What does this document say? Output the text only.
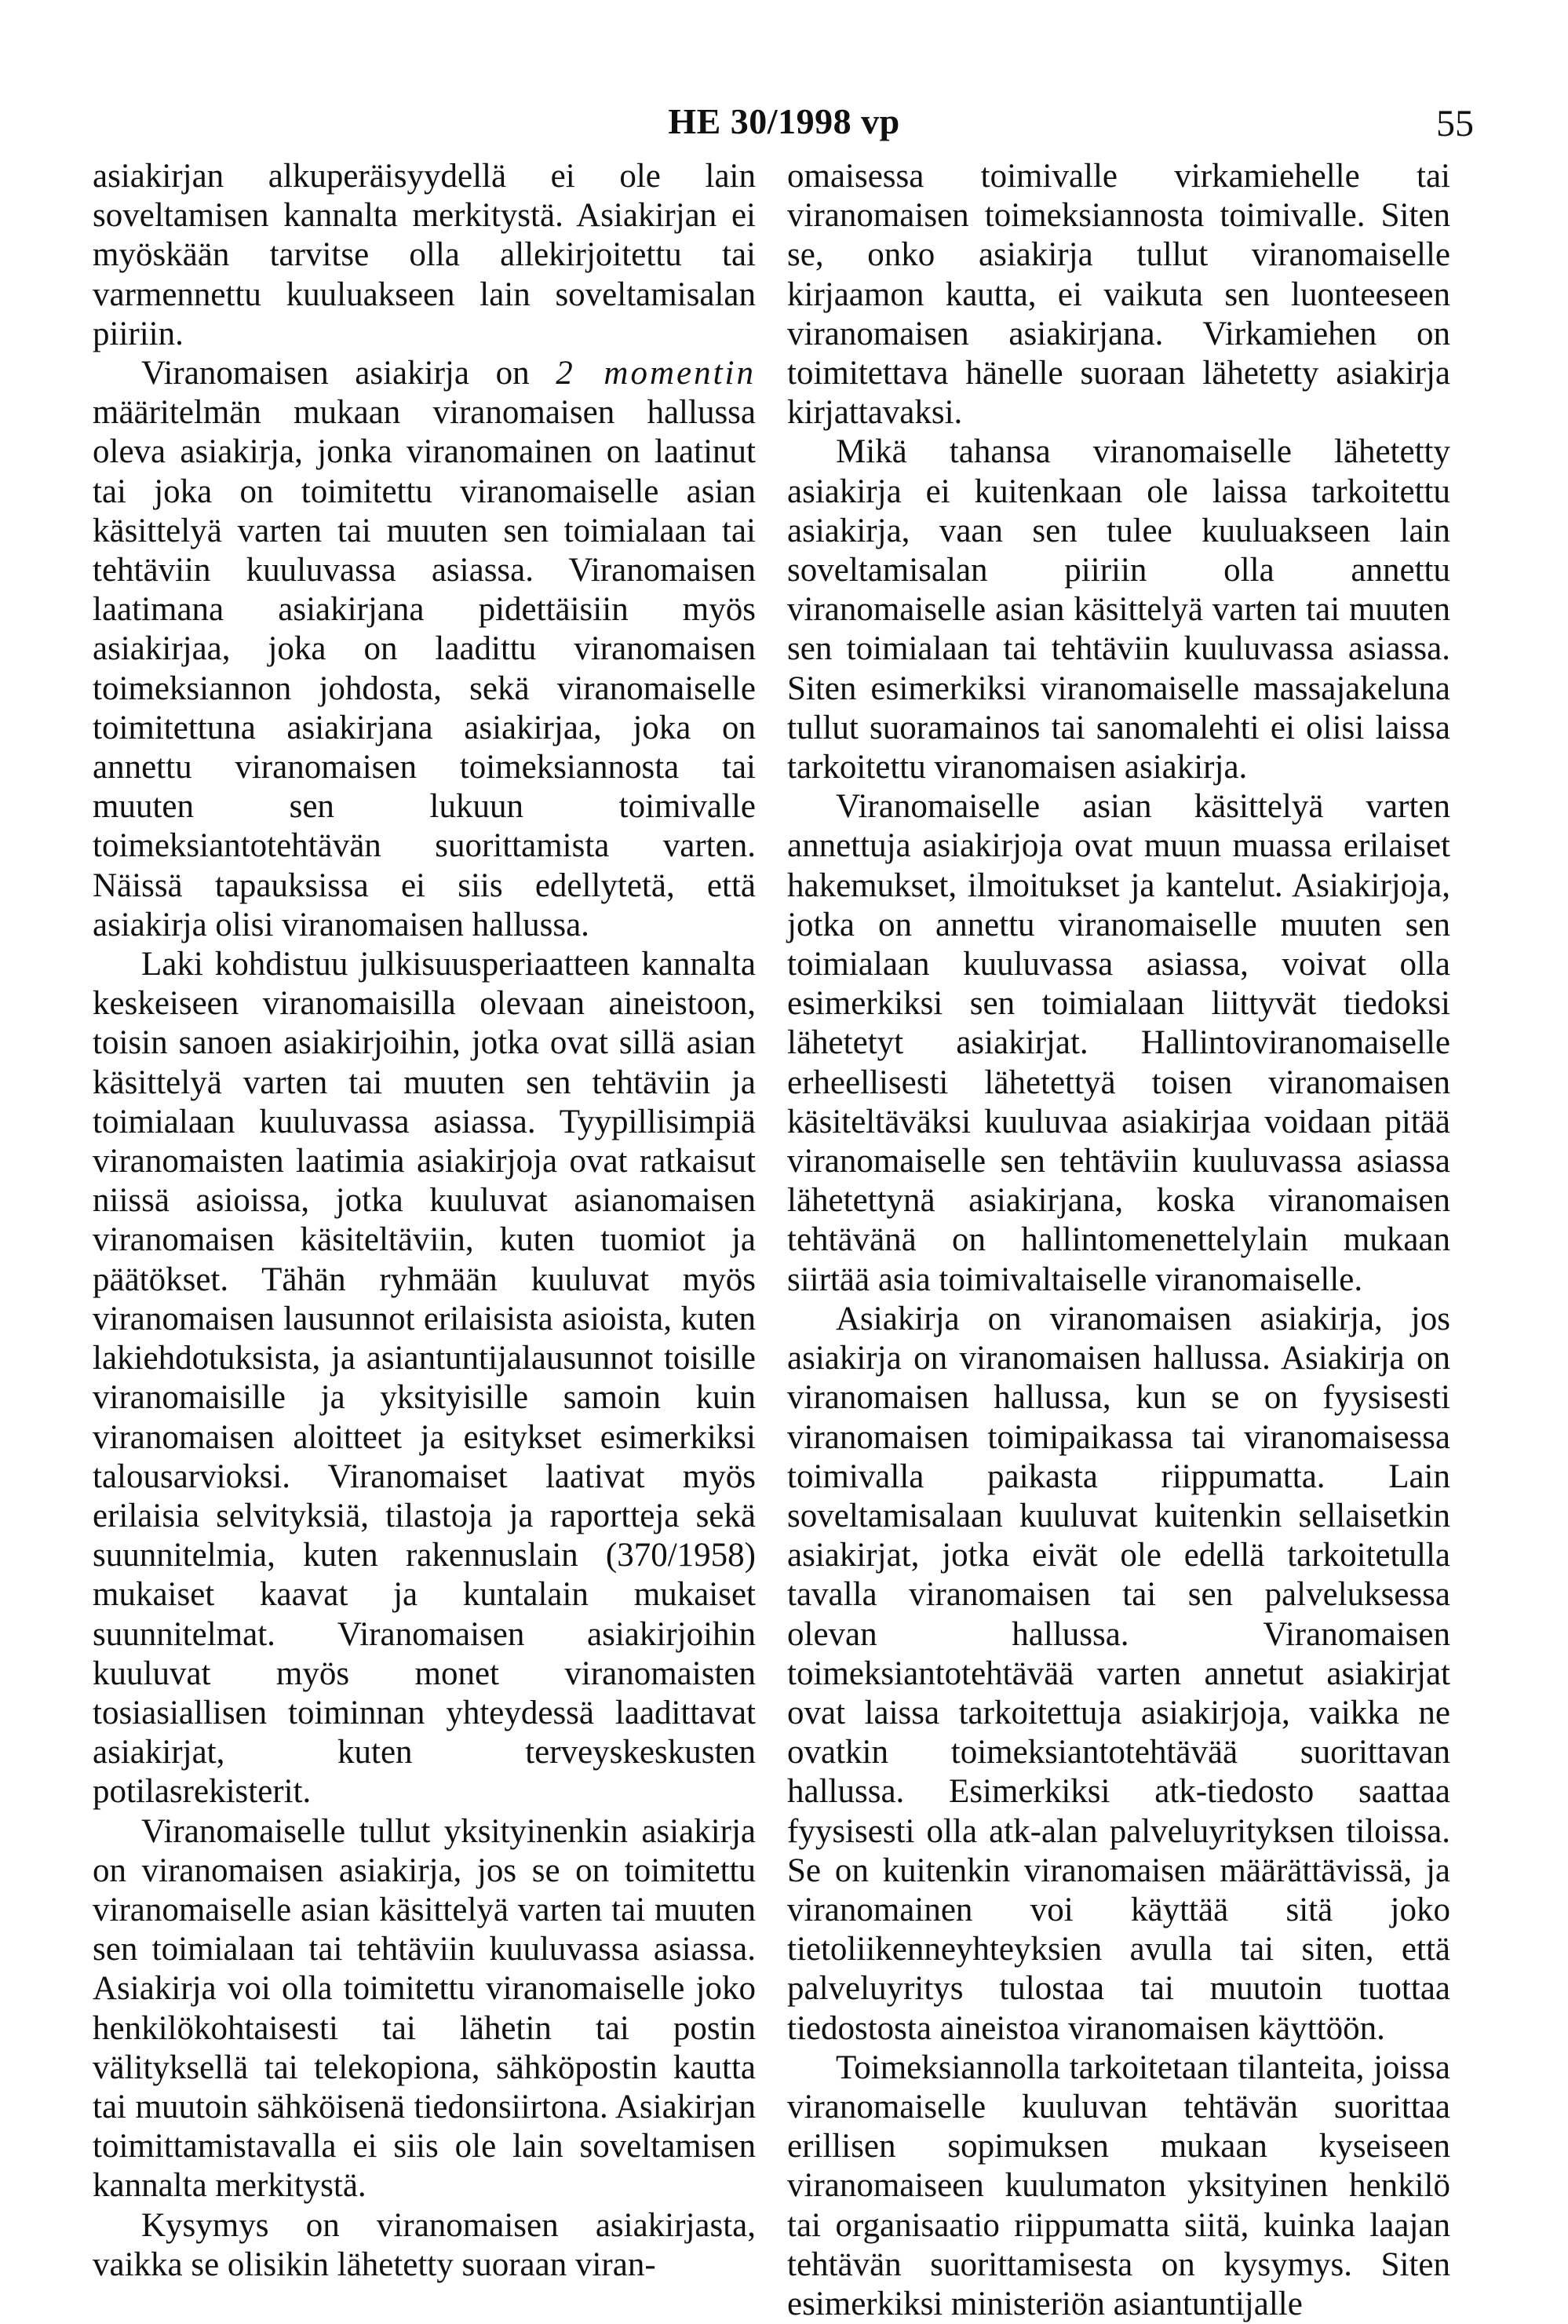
HE 30/1998 vp	55

asiakirjan alkuperäisyydellä ei ole lain soveltamisen kannalta merkitystä. Asiakirjan ei myöskään tarvitse olla allekirjoitettu tai varmennettu kuuluakseen lain soveltamisalan piiriin.

Viranomaisen asiakirja on 2 momentin määritelmän mukaan viranomaisen hallussa oleva asiakirja, jonka viranomainen on laatinut tai joka on toimitettu viranomaiselle asian käsittelyä varten tai muuten sen toimialaan tai tehtäviin kuuluvassa asiassa. Viranomaisen laatimana asiakirjana pidettäisiin myös asiakirjaa, joka on laadittu viranomaisen toimeksiannon johdosta, sekä viranomaiselle toimitettuna asiakirjana asiakirjaa, joka on annettu viranomaisen toimeksiannosta tai muuten sen lukuun toimivalle toimeksiantotehtävän suorittamista varten. Näissä tapauksissa ei siis edellytetä, että asiakirja olisi viranomaisen hallussa.

Laki kohdistuu julkisuusperiaatteen kannalta keskeiseen viranomaisilla olevaan aineistoon, toisin sanoen asiakirjoihin, jotka ovat sillä asian käsittelyä varten tai muuten sen tehtäviin ja toimialaan kuuluvassa asiassa. Tyypillisimpiä viranomaisten laatimia asiakirjoja ovat ratkaisut niissä asioissa, jotka kuuluvat asianomaisen viranomaisen käsiteltäviin, kuten tuomiot ja päätökset. Tähän ryhmään kuuluvat myös viranomaisen lausunnot erilaisista asioista, kuten lakiehdotuksista, ja asiantuntijalausunnot toisille viranomaisille ja yksityisille samoin kuin viranomaisen aloitteet ja esitykset esimerkiksi talousarvioksi. Viranomaiset laativat myös erilaisia selvityksiä, tilastoja ja raportteja sekä suunnitelmia, kuten rakennuslain (370/1958) mukaiset kaavat ja kuntalain mukaiset suunnitelmat. Viranomaisen asiakirjoihin kuuluvat myös monet viranomaisten tosiasiallisen toiminnan yhteydessä laadittavat asiakirjat, kuten terveyskeskusten potilasrekisterit.

Viranomaiselle tullut yksityinenkin asiakirja on viranomaisen asiakirja, jos se on toimitettu viranomaiselle asian käsittelyä varten tai muuten sen toimialaan tai tehtäviin kuuluvassa asiassa. Asiakirja voi olla toimitettu viranomaiselle joko henkilökohtaisesti tai lähetin tai postin välityksellä tai telekopiona, sähköpostin kautta tai muutoin sähköisenä tiedonsiirtona. Asiakirjan toimittamistavalla ei siis ole lain soveltamisen kannalta merkitystä.

Kysymys on viranomaisen asiakirjasta, vaikka se olisikin lähetetty suoraan viran-

omaisessa toimivalle virkamiehelle tai viranomaisen toimeksiannosta toimivalle. Siten se, onko asiakirja tullut viranomaiselle kirjaamon kautta, ei vaikuta sen luonteeseen viranomaisen asiakirjana. Virkamiehen on toimitettava hänelle suoraan lähetetty asiakirja kirjattavaksi.

Mikä tahansa viranomaiselle lähetetty asiakirja ei kuitenkaan ole laissa tarkoitettu asiakirja, vaan sen tulee kuuluakseen lain soveltamisalan piiriin olla annettu viranomaiselle asian käsittelyä varten tai muuten sen toimialaan tai tehtäviin kuuluvassa asiassa. Siten esimerkiksi viranomaiselle massajakeluna tullut suoramainos tai sanomalehti ei olisi laissa tarkoitettu viranomaisen asiakirja.

Viranomaiselle asian käsittelyä varten annettuja asiakirjoja ovat muun muassa erilaiset hakemukset, ilmoitukset ja kantelut. Asiakirjoja, jotka on annettu viranomaiselle muuten sen toimialaan kuuluvassa asiassa, voivat olla esimerkiksi sen toimialaan liittyvät tiedoksi lähetetyt asiakirjat. Hallintoviranomaiselle erheellisesti lähetettyä toisen viranomaisen käsiteltäväksi kuuluvaa asiakirjaa voidaan pitää viranomaiselle sen tehtäviin kuuluvassa asiassa lähetettynä asiakirjana, koska viranomaisen tehtävänä on hallintomenettelylain mukaan siirtää asia toimivaltaiselle viranomaiselle.

Asiakirja on viranomaisen asiakirja, jos asiakirja on viranomaisen hallussa. Asiakirja on viranomaisen hallussa, kun se on fyysisesti viranomaisen toimipaikassa tai viranomaisessa toimivalla paikasta riippumatta. Lain soveltamisalaan kuuluvat kuitenkin sellaisetkin asiakirjat, jotka eivät ole edellä tarkoitetulla tavalla viranomaisen tai sen palveluksessa olevan hallussa. Viranomaisen toimeksiantotehtävää varten annetut asiakirjat ovat laissa tarkoitettuja asiakirjoja, vaikka ne ovatkin toimeksiantotehtävää suorittavan hallussa. Esimerkiksi atk-tiedosto saattaa fyysisesti olla atk-alan palveluyrityksen tiloissa. Se on kuitenkin viranomaisen määrättävissä, ja viranomainen voi käyttää sitä joko tietoliikenneyhteyksien avulla tai siten, että palveluyritys tulostaa tai muutoin tuottaa tiedostosta aineistoa viranomaisen käyttöön.

Toimeksiannolla tarkoitetaan tilanteita, joissa viranomaiselle kuuluvan tehtävän suorittaa erillisen sopimuksen mukaan kyseiseen viranomaiseen kuulumaton yksityinen henkilö tai organisaatio riippumatta siitä, kuinka laajan tehtävän suorittamisesta on kysymys. Siten esimerkiksi ministeriön asiantuntijalle
